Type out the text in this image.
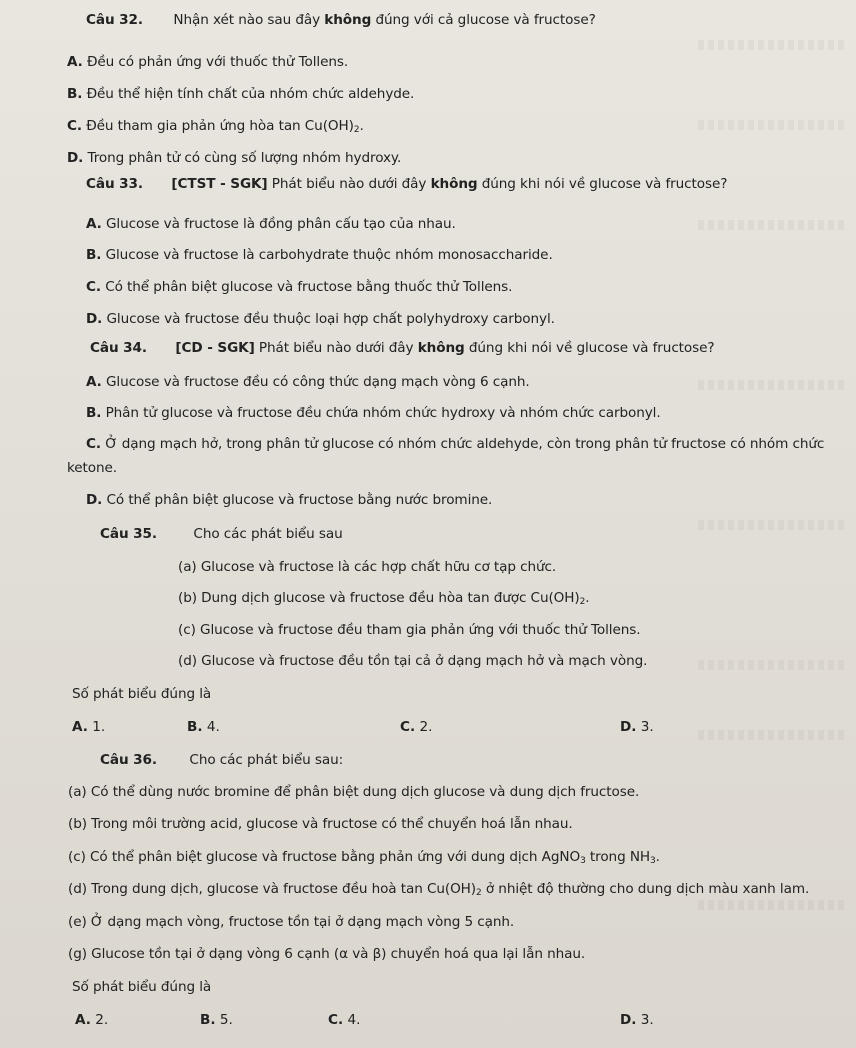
Câu 32. Nhận xét nào sau đây không đúng với cả glucose và fructose?
A. Đều có phản ứng với thuốc thử Tollens.
B. Đều thể hiện tính chất của nhóm chức aldehyde.
C. Đều tham gia phản ứng hòa $\tan Cu(OH)_2$.
D. Trong phân tử có cùng số lượng nhóm hydroxy.
Câu 33. [CTST - SGK] Phát biểu nào dưới đây không đúng khi nói về glucose và fructose?
A. Glucose và fructose là đồng phân cấu tạo của nhau.
B. Glucose và fructose là carbohydrate thuộc nhóm monosaccharide.
C. Có thể phân biệt glucose và fructose bằng thuốc thử Tollens.
D. Glucose và fructose đều thuộc loại hợp chất polyhydroxy carbonyl.
Câu 34. [CD - SGK] Phát biểu nào dưới đây không đúng khi nói về glucose và fructose?
A. Glucose và fructose đều có công thức dạng mạch vòng 6 cạnh.
B. Phân tử glucose và fructose đều chứa nhóm chức hydroxy và nhóm chức carbonyl.
C. Ở dạng mạch hở, trong phân tử glucose có nhóm chức aldehyde, còn trong phân tử fructose có nhóm chức
ketone.
D. Có thể phân biệt glucose và fructose bằng nước bromine.
Câu 35.	Cho các phát biểu sau
(a) Glucose và fructose là các hợp chất hữu cơ tạp chức.
(b) Dung dịch glucose và fructose đều hòa tan được $Cu(OH)_2$.
(c) Glucose và fructose đều tham gia phản ứng với thuốc thử Tollens.
(d) Glucose và fructose đều tồn tại cả ở dạng mạch hở và mạch vòng.
Số phát biểu đúng là
A. 1.	B. 4.	C. 2.	D. 3.
Câu 36. Cho các phát biểu sau:
(a) Có thể dùng nước bromine để phân biệt dung dịch glucose và dung dịch fructose.
(b) Trong môi trường acid, glucose và fructose có thể chuyển hoá lẫn nhau.
(c) Có thể phân biệt glucose và fructose bằng phản ứng với dung dịch AgNO$_3$ trong $NH_3$.
(d) Trong dung dịch, glucose và fructose đều hoà $\tan Cu(OH)_2$ ở nhiệt độ thường cho dung dịch màu xanh lam.
(e) Ở dạng mạch vòng, fructose tồn tại ở dạng mạch vòng 5 cạnh.
(g) Glucose tồn tại ở dạng vòng 6 cạnh (α và β) chuyển hoá qua lại lẫn nhau.
Số phát biểu đúng là
A. 2.	B. 5.	C. 4.	D. 3.
